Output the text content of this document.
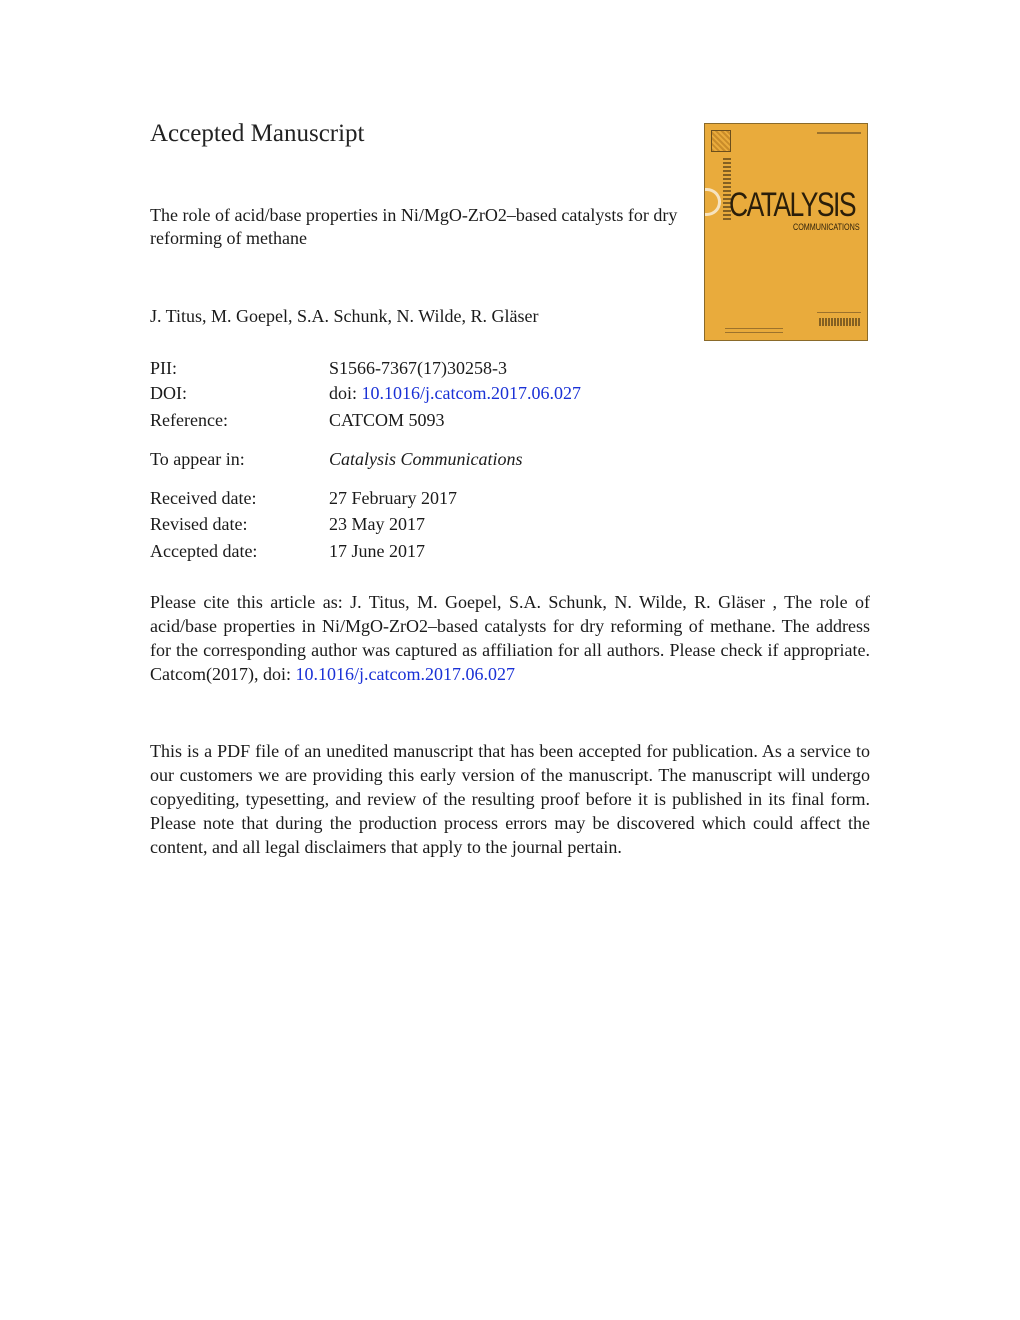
Accepted Manuscript
The role of acid/base properties in Ni/MgO-ZrO2–based catalysts for dry reforming of methane
CATALYSIS
COMMUNICATIONS
J. Titus, M. Goepel, S.A. Schunk, N. Wilde, R. Gläser
PII:	S1566-7367(17)30258-3
DOI:	doi: 10.1016/j.catcom.2017.06.027
Reference:	CATCOM 5093
To appear in:	Catalysis Communications
Received date:	27 February 2017
Revised date:	23 May 2017
Accepted date:	17 June 2017
Please cite this article as: J. Titus, M. Goepel, S.A. Schunk, N. Wilde, R. Gläser , The role of acid/base properties in Ni/MgO-ZrO2–based catalysts for dry reforming of methane. The address for the corresponding author was captured as affiliation for all authors. Please check if appropriate. Catcom(2017), doi: 10.1016/j.catcom.2017.06.027
This is a PDF file of an unedited manuscript that has been accepted for publication. As a service to our customers we are providing this early version of the manuscript. The manuscript will undergo copyediting, typesetting, and review of the resulting proof before it is published in its final form. Please note that during the production process errors may be discovered which could affect the content, and all legal disclaimers that apply to the journal pertain.
